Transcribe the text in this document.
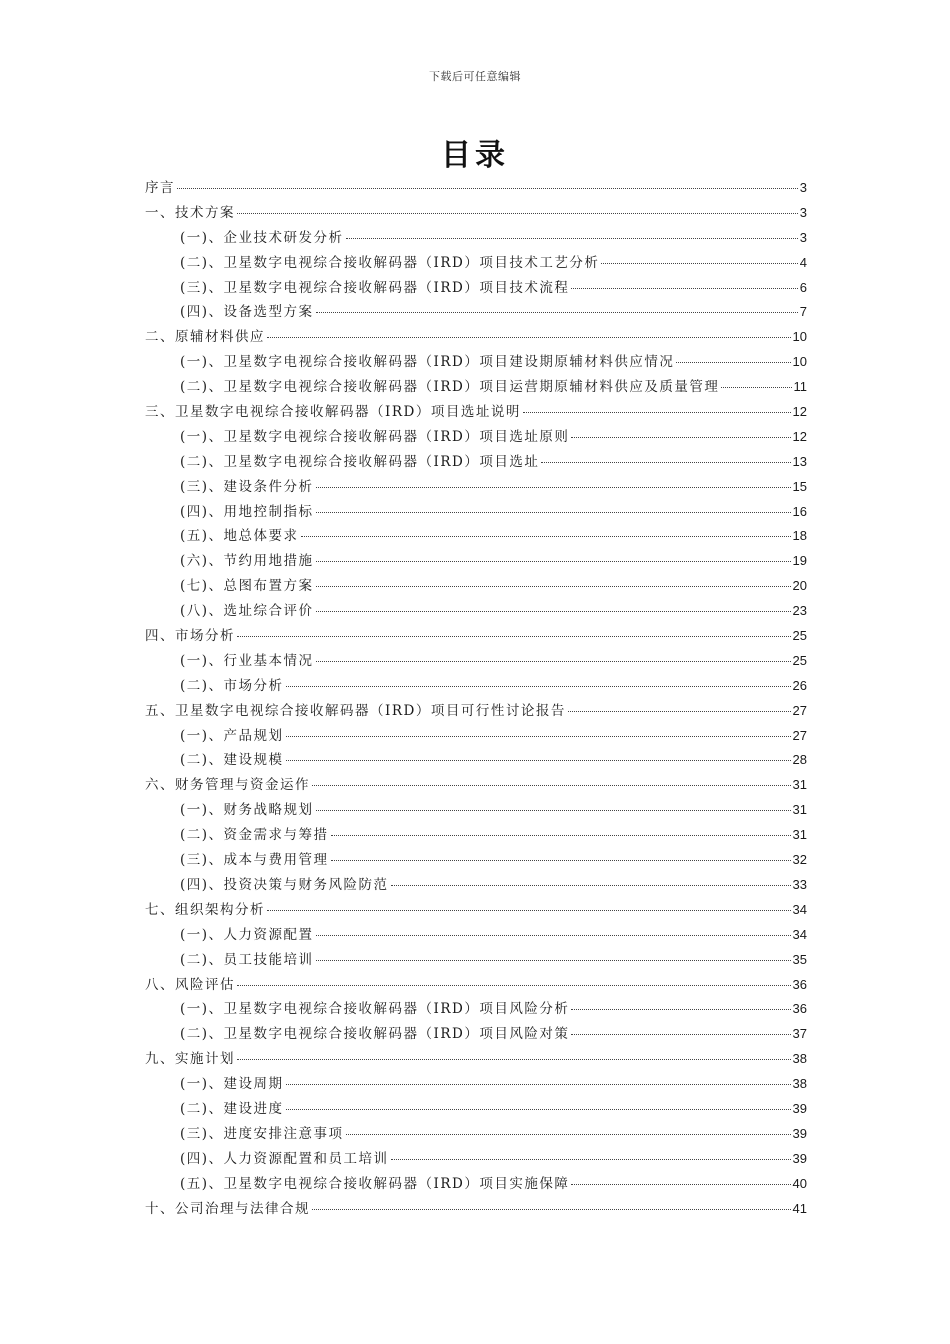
下载后可任意编辑
目录
序言	3
一、技术方案	3
(一)、企业技术研发分析	3
(二)、卫星数字电视综合接收解码器（IRD）项目技术工艺分析	4
(三)、卫星数字电视综合接收解码器（IRD）项目技术流程	6
(四)、设备选型方案	7
二、原辅材料供应	10
(一)、卫星数字电视综合接收解码器（IRD）项目建设期原辅材料供应情况	10
(二)、卫星数字电视综合接收解码器（IRD）项目运营期原辅材料供应及质量管理	11
三、卫星数字电视综合接收解码器（IRD）项目选址说明	12
(一)、卫星数字电视综合接收解码器（IRD）项目选址原则	12
(二)、卫星数字电视综合接收解码器（IRD）项目选址	13
(三)、建设条件分析	15
(四)、用地控制指标	16
(五)、地总体要求	18
(六)、节约用地措施	19
(七)、总图布置方案	20
(八)、选址综合评价	23
四、市场分析	25
(一)、行业基本情况	25
(二)、市场分析	26
五、卫星数字电视综合接收解码器（IRD）项目可行性讨论报告	27
(一)、产品规划	27
(二)、建设规模	28
六、财务管理与资金运作	31
(一)、财务战略规划	31
(二)、资金需求与筹措	31
(三)、成本与费用管理	32
(四)、投资决策与财务风险防范	33
七、组织架构分析	34
(一)、人力资源配置	34
(二)、员工技能培训	35
八、风险评估	36
(一)、卫星数字电视综合接收解码器（IRD）项目风险分析	36
(二)、卫星数字电视综合接收解码器（IRD）项目风险对策	37
九、实施计划	38
(一)、建设周期	38
(二)、建设进度	39
(三)、进度安排注意事项	39
(四)、人力资源配置和员工培训	39
(五)、卫星数字电视综合接收解码器（IRD）项目实施保障	40
十、公司治理与法律合规	41
